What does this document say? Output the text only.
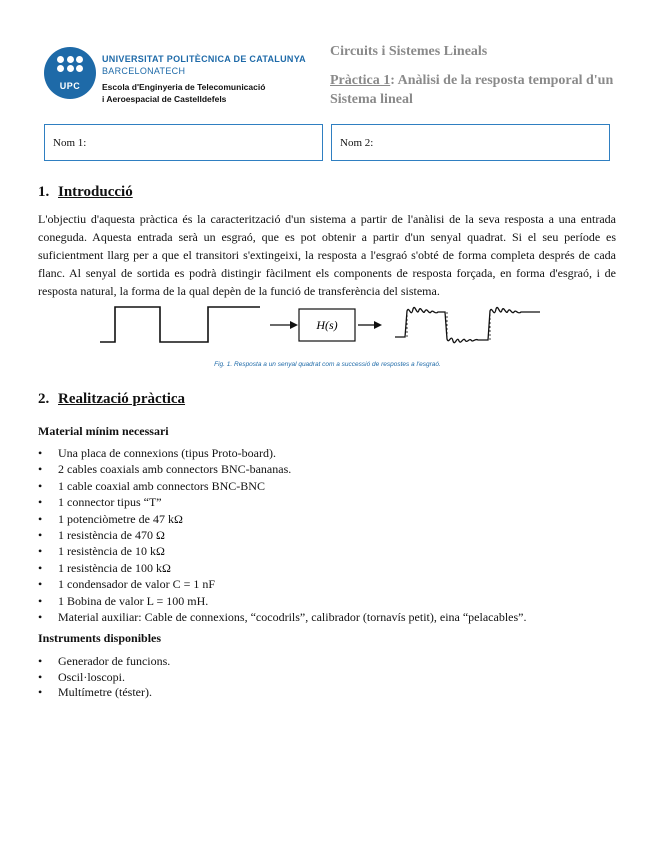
UPC
UNIVERSITAT POLITÈCNICA DE CATALUNYA
BARCELONATECH
Escola d'Enginyeria de Telecomunicació
i Aeroespacial de Castelldefels
Circuits i Sistemes Lineals
Pràctica 1: Anàlisi de la resposta temporal d'un Sistema lineal
Nom 1:	Nom 2:
1. Introducció
L'objectiu d'aquesta pràctica és la caracterització d'un sistema a partir de l'anàlisi de la seva resposta a una entrada coneguda. Aquesta entrada serà un esgraó, que es pot obtenir a partir d'un senyal quadrat. Si el seu període es suficientment llarg per a que el transitori s'extingeixi, la resposta a l'esgraó s'obté de forma completa després de cada flanc. Al senyal de sortida es podrà distingir fàcilment els components de resposta forçada, en forma d'esgraó, i de resposta natural, la forma de la qual depèn de la funció de transferència del sistema.
H(s)
Fig. 1. Resposta a un senyal quadrat com a successió de respostes a l'esgraó.
2. Realització pràctica
Material mínim necessari
• Una placa de connexions (tipus Proto-board).
• 2 cables coaxials amb connectors BNC-bananas.
• 1 cable coaxial amb connectors BNC-BNC
• 1 connector tipus “T”
• 1 potenciòmetre de 47 kΩ
• 1 resistència de 470 Ω
• 1 resistència de 10 kΩ
• 1 resistència de 100 kΩ
• 1 condensador de valor C = 1 nF
• 1 Bobina de valor L = 100 mH.
• Material auxiliar: Cable de connexions, “cocodrils”, calibrador (tornavís petit), eina “pelacables”.
Instruments disponibles
• Generador de funcions.
• Oscil·loscopi.
• Multímetre (téster).
